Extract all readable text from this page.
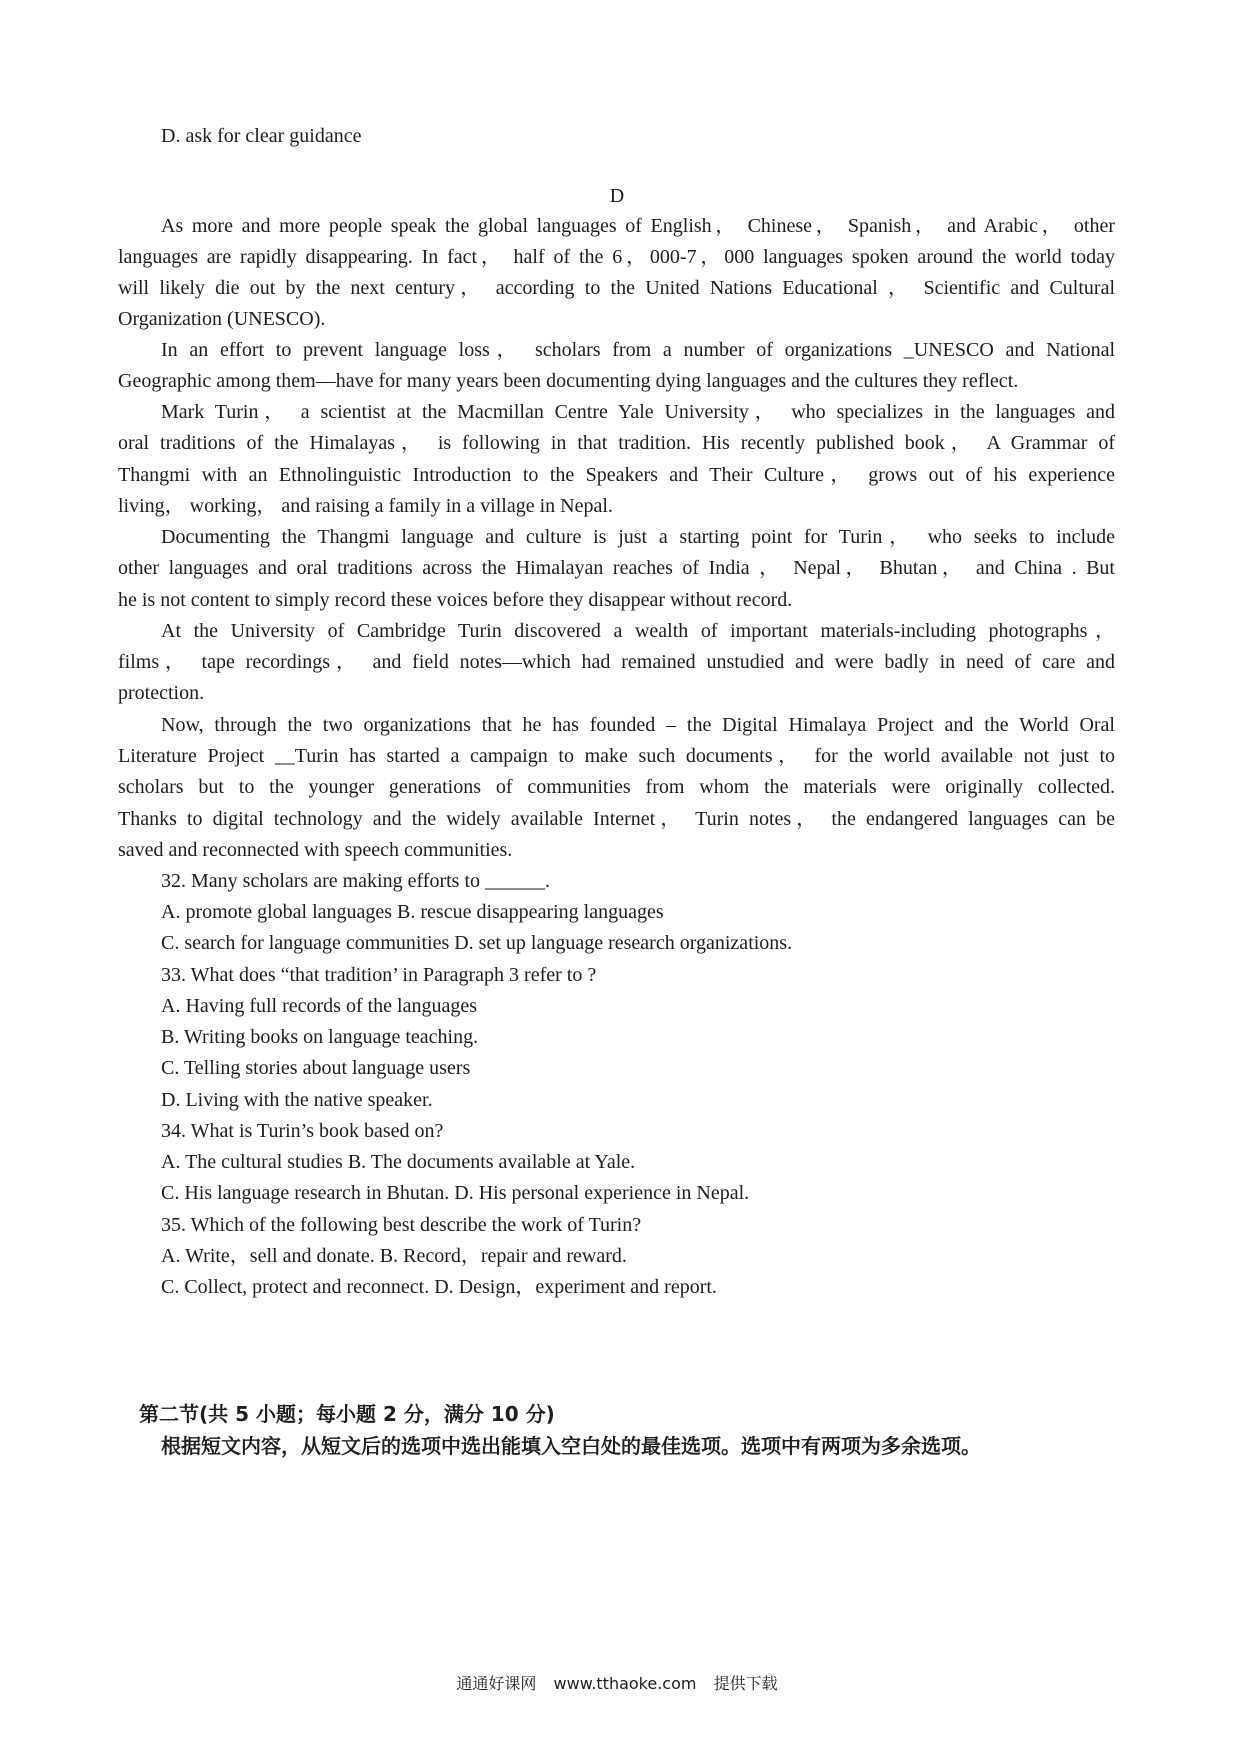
D. ask for clear guidance
D
As more and more people speak the global languages of English， Chinese， Spanish， and Arabic， other
languages are rapidly disappearing. In fact， half of the 6，000-7，000 languages spoken around the world today
will likely die out by the next century， according to the United Nations Educational ， Scientific and Cultural
Organization (UNESCO).
In an effort to prevent language loss， scholars from a number of organizations _UNESCO and National
Geographic among them—have for many years been documenting dying languages and the cultures they reflect.
Mark Turin， a scientist at the Macmillan Centre Yale University， who specializes in the languages and
oral traditions of the Himalayas， is following in that tradition. His recently published book， A Grammar of
Thangmi with an Ethnolinguistic Introduction to the Speakers and Their Culture， grows out of his experience
living， working， and raising a family in a village in Nepal.
Documenting the Thangmi language and culture is just a starting point for Turin， who seeks to include
other languages and oral traditions across the Himalayan reaches of India ， Nepal， Bhutan， and China . But
he is not content to simply record these voices before they disappear without record.
At the University of Cambridge Turin discovered a wealth of important materials-including photographs，
films， tape recordings， and field notes—which had remained unstudied and were badly in need of care and
protection.
Now, through the two organizations that he has founded – the Digital Himalaya Project and the World Oral
Literature Project __Turin has started a campaign to make such documents， for the world available not just to
scholars but to the younger generations of communities from whom the materials were originally collected.
Thanks to digital technology and the widely available Internet， Turin notes， the endangered languages can be
saved and reconnected with speech communities.
32. Many scholars are making efforts to ______.
A. promote global languages B. rescue disappearing languages
C. search for language communities D. set up language research organizations.
33. What does “that tradition’ in Paragraph 3 refer to ?
A. Having full records of the languages
B. Writing books on language teaching.
C. Telling stories about language users
D. Living with the native speaker.
34. What is Turin’s book based on?
A. The cultural studies B. The documents available at Yale.
C. His language research in Bhutan. D. His personal experience in Nepal.
35. Which of the following best describe the work of Turin?
A. Write，sell and donate. B. Record，repair and reward.
C. Collect, protect and reconnect. D. Design，experiment and report.
第二节(共 5 小题；每小题 2 分，满分 10 分)
根据短文内容，从短文后的选项中选出能填入空白处的最佳选项。选项中有两项为多余选项。
通通好课网 www.tthaoke.com 提供下载
